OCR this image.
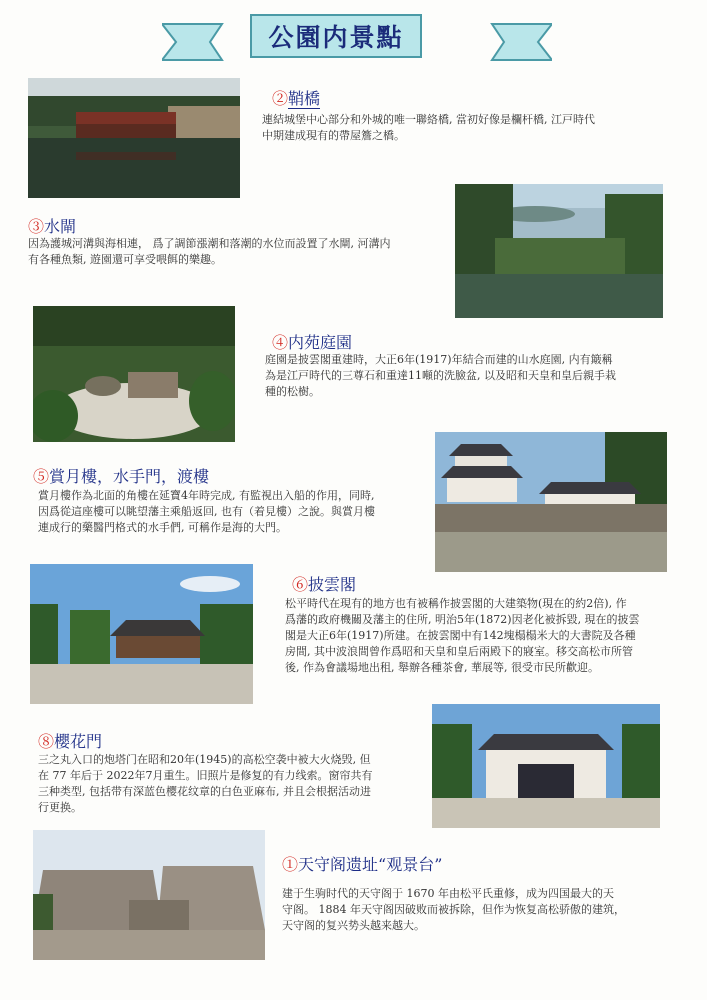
公園内景點
②鞘橋

連結城堡中心部分和外城的唯一聯絡橋, 當初好像是欄杆橋, 江戸時代

中期建成現有的帶屋簷之橋。

③水閘

因為護城河溝與海相連， 爲了調節漲潮和落潮的水位而設置了水閘, 河溝内

有各種魚類, 遊園還可享受喂餌的樂趣。

④内苑庭園

庭園是披雲閣重建時，大正6年(1917)年結合而建的山水庭園, 内有簸稱

為是江戸時代的三尊石和重達11噸的洗臉盆, 以及昭和天皇和皇后親手栽

種的松樹。

⑤賞月樓，水手門，渡樓

賞月樓作為北面的角樓在延寶4年時完成, 有監視出入船的作用，同時,

因爲從這座樓可以眺望藩主乘船返回, 也有（着見樓）之說。與賞月樓

連成行的藥醫門格式的水手們, 可稱作是海的大門。

⑥披雲閣

松平時代在現有的地方也有被稱作披雲閣的大建築物(現在的約2倍), 作

爲藩的政府機關及藩主的住所, 明治5年(1872)因老化被拆毀, 現在的披雲

閣是大正6年(1917)所建。在披雲閣中有142塊榻榻米大的大書院及各種

房間, 其中波浪間曾作爲昭和天皇和皇后兩殿下的寢室。移交高松市所管

後, 作為會議場地出租, 舉辦各種茶會, 華展等, 很受市民所歡迎。

⑧櫻花門

三之丸入口的炮塔门在昭和20年(1945)的高松空袭中被大火烧毁, 但

在 77 年后于 2022年7月重生。旧照片是修复的有力线索。窗帘共有

三种类型, 包括带有深蓝色樱花纹章的白色亚麻布, 并且会根据活动进

行更换。

①天守阁遗址“观景台”

建于生驹时代的天守阁于 1670 年由松平氏重修，成为四国最大的天

守阁。 1884 年天守阁因破败而被拆除，但作为恢复高松骄傲的建筑，

天守阁的复兴势头越来越大。
